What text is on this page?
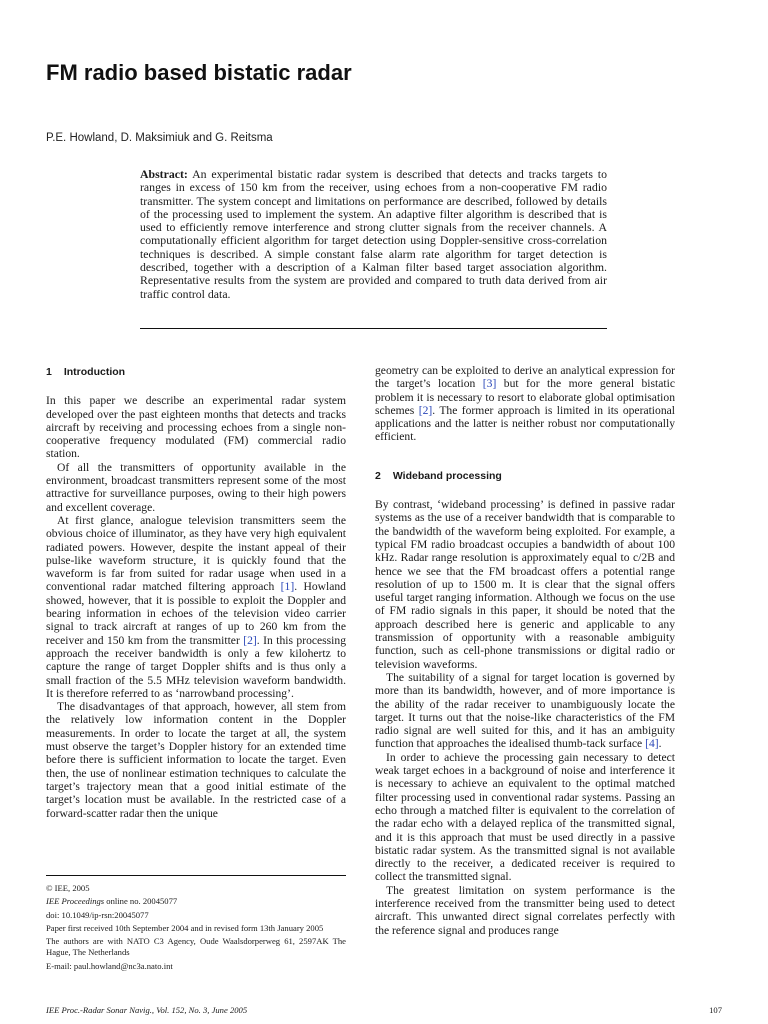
FM radio based bistatic radar

P.E. Howland, D. Maksimiuk and G. Reitsma

Abstract: An experimental bistatic radar system is described that detects and tracks targets to ranges in excess of 150 km from the receiver, using echoes from a non-cooperative FM radio transmitter. The system concept and limitations on performance are described, followed by details of the processing used to implement the system. An adaptive filter algorithm is described that is used to efficiently remove interference and strong clutter signals from the receiver channels. A computationally efficient algorithm for target detection using Doppler-sensitive cross-correlation techniques is described. A simple constant false alarm rate algorithm for target detection is described, together with a description of a Kalman filter based target association algorithm. Representative results from the system are provided and compared to truth data derived from air traffic control data.

1 Introduction

In this paper we describe an experimental radar system developed over the past eighteen months that detects and tracks aircraft by receiving and processing echoes from a single non-cooperative frequency modulated (FM) commercial radio station.

Of all the transmitters of opportunity available in the environment, broadcast transmitters represent some of the most attractive for surveillance purposes, owing to their high powers and excellent coverage.

At first glance, analogue television transmitters seem the obvious choice of illuminator, as they have very high equivalent radiated powers. However, despite the instant appeal of their pulse-like waveform structure, it is quickly found that the waveform is far from suited for radar usage when used in a conventional radar matched filtering approach [1]. Howland showed, however, that it is possible to exploit the Doppler and bearing information in echoes of the television video carrier signal to track aircraft at ranges of up to 260 km from the receiver and 150 km from the transmitter [2]. In this processing approach the receiver bandwidth is only a few kilohertz to capture the range of target Doppler shifts and is thus only a small fraction of the 5.5 MHz television waveform bandwidth. It is therefore referred to as ‘narrowband processing’.

The disadvantages of that approach, however, all stem from the relatively low information content in the Doppler measurements. In order to locate the target at all, the system must observe the target’s Doppler history for an extended time before there is sufficient information to locate the target. Even then, the use of nonlinear estimation techniques to calculate the target’s trajectory mean that a good initial estimate of the target’s location must be available. In the restricted case of a forward-scatter radar then the unique

© IEE, 2005

IEE Proceedings online no. 20045077

doi: 10.1049/ip-rsn:20045077

Paper first received 10th September 2004 and in revised form 13th January 2005

The authors are with NATO C3 Agency, Oude Waalsdorperweg 61, 2597AK The Hague, The Netherlands

E-mail: paul.howland@nc3a.nato.int

geometry can be exploited to derive an analytical expression for the target’s location [3] but for the more general bistatic problem it is necessary to resort to elaborate global optimisation schemes [2]. The former approach is limited in its operational applications and the latter is neither robust nor computationally efficient.

2 Wideband processing

By contrast, ‘wideband processing’ is defined in passive radar systems as the use of a receiver bandwidth that is comparable to the bandwidth of the waveform being exploited. For example, a typical FM radio broadcast occupies a bandwidth of about 100 kHz. Radar range resolution is approximately equal to c/2B and hence we see that the FM broadcast offers a potential range resolution of up to 1500 m. It is clear that the signal offers useful target ranging information. Although we focus on the use of FM radio signals in this paper, it should be noted that the approach described here is generic and applicable to any transmission of opportunity with a reasonable ambiguity function, such as cell-phone transmissions or digital radio or television waveforms.

The suitability of a signal for target location is governed by more than its bandwidth, however, and of more importance is the ability of the radar receiver to unambiguously locate the target. It turns out that the noise-like characteristics of the FM radio signal are well suited for this, and it has an ambiguity function that approaches the idealised thumb-tack surface [4].

In order to achieve the processing gain necessary to detect weak target echoes in a background of noise and interference it is necessary to achieve an equivalent to the optimal matched filter processing used in conventional radar systems. Passing an echo through a matched filter is equivalent to the correlation of the radar echo with a delayed replica of the transmitted signal, and it is this approach that must be used directly in a passive bistatic radar system. As the transmitted signal is not available directly to the receiver, a dedicated receiver is required to collect the transmitted signal.

The greatest limitation on system performance is the interference received from the transmitter being used to detect aircraft. This unwanted direct signal correlates perfectly with the reference signal and produces range

IEE Proc.-Radar Sonar Navig., Vol. 152, No. 3, June 2005	107
